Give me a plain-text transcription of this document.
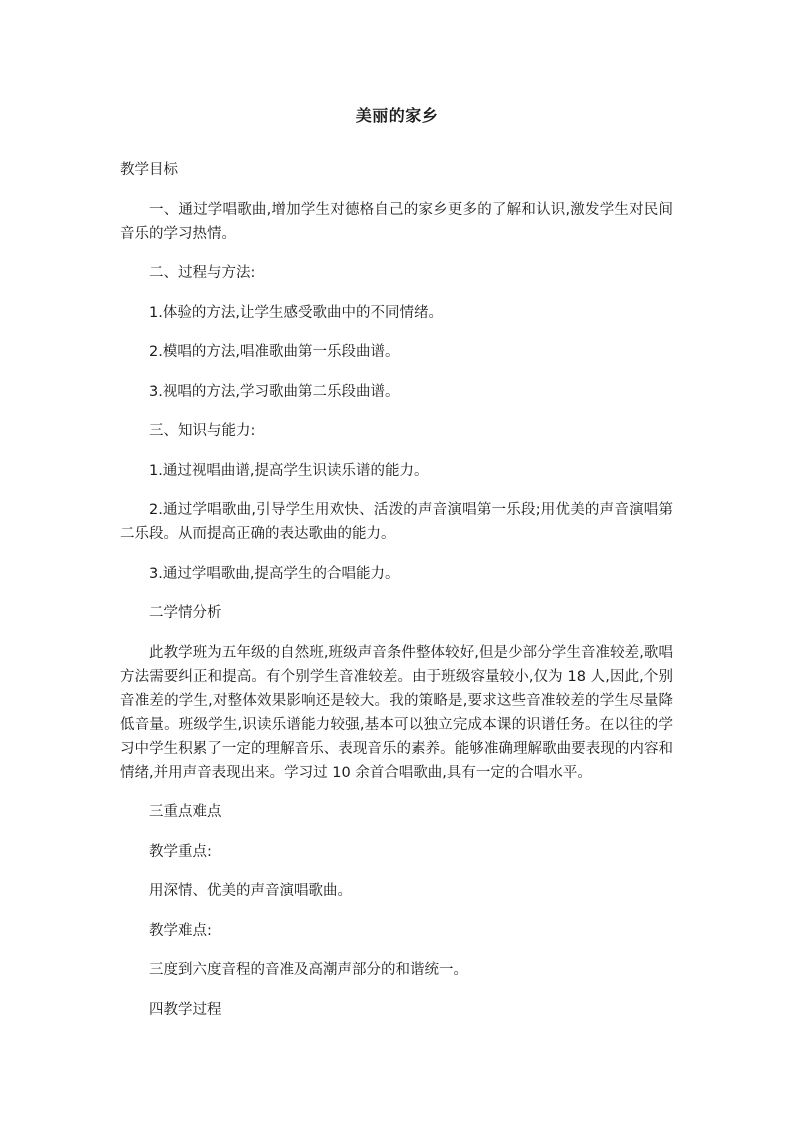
美丽的家乡

教学目标

一、通过学唱歌曲,增加学生对德格自己的家乡更多的了解和认识,激发学生对民间音乐的学习热情。

二、过程与方法:

1.体验的方法,让学生感受歌曲中的不同情绪。

2.模唱的方法,唱准歌曲第一乐段曲谱。

3.视唱的方法,学习歌曲第二乐段曲谱。

三、知识与能力:

1.通过视唱曲谱,提高学生识读乐谱的能力。

2.通过学唱歌曲,引导学生用欢快、活泼的声音演唱第一乐段;用优美的声音演唱第二乐段。从而提高正确的表达歌曲的能力。

3.通过学唱歌曲,提高学生的合唱能力。

二学情分析

此教学班为五年级的自然班,班级声音条件整体较好,但是少部分学生音准较差,歌唱方法需要纠正和提高。有个别学生音准较差。由于班级容量较小,仅为 18 人,因此,个别音准差的学生,对整体效果影响还是较大。我的策略是,要求这些音准较差的学生尽量降低音量。班级学生,识读乐谱能力较强,基本可以独立完成本课的识谱任务。在以往的学习中学生积累了一定的理解音乐、表现音乐的素养。能够准确理解歌曲要表现的内容和情绪,并用声音表现出来。学习过 10 余首合唱歌曲,具有一定的合唱水平。

三重点难点

教学重点:

用深情、优美的声音演唱歌曲。

教学难点:

三度到六度音程的音准及高潮声部分的和谐统一。

四教学过程
